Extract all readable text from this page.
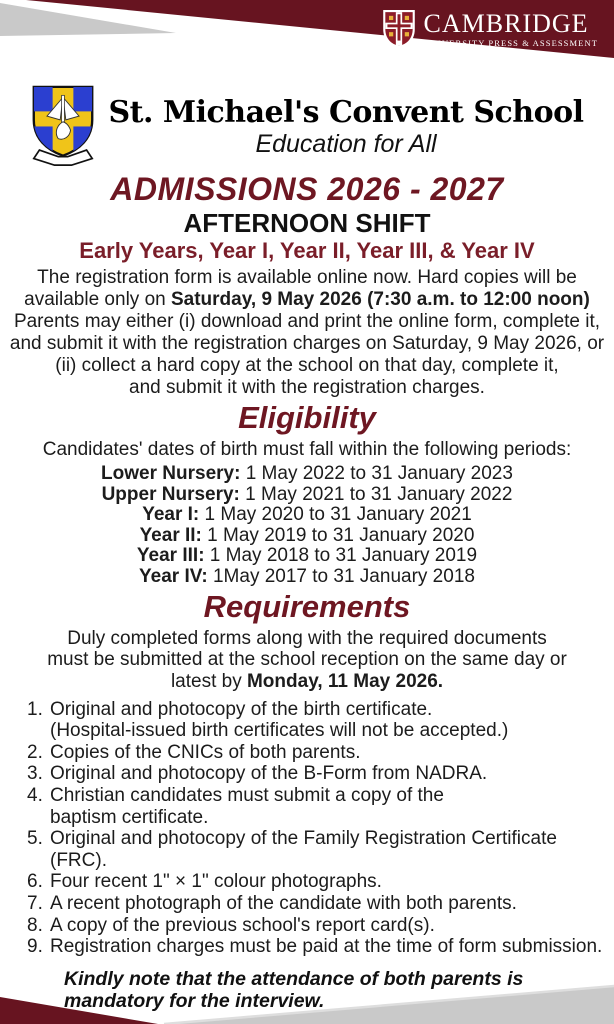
CAMBRIDGE
UNIVERSITY PRESS & ASSESSMENT
St. Michael's Convent School
Education for All
ADMISSIONS 2026 - 2027
AFTERNOON SHIFT
Early Years, Year I, Year II, Year III, & Year IV
The registration form is available online now. Hard copies will be
available only on Saturday, 9 May 2026 (7:30 a.m. to 12:00 noon)
Parents may either (i) download and print the online form, complete it,
and submit it with the registration charges on Saturday, 9 May 2026, or
(ii) collect a hard copy at the school on that day, complete it,
and submit it with the registration charges.
Eligibility
Candidates' dates of birth must fall within the following periods:
Lower Nursery: 1 May 2022 to 31 January 2023
Upper Nursery: 1 May 2021 to 31 January 2022
Year I: 1 May 2020 to 31 January 2021
Year II: 1 May 2019 to 31 January 2020
Year III: 1 May 2018 to 31 January 2019
Year IV: 1May 2017 to 31 January 2018
Requirements
Duly completed forms along with the required documents
must be submitted at the school reception on the same day or
latest by Monday, 11 May 2026.
1. Original and photocopy of the birth certificate.
(Hospital-issued birth certificates will not be accepted.)
2. Copies of the CNICs of both parents.
3. Original and photocopy of the B-Form from NADRA.
4. Christian candidates must submit a copy of the
baptism certificate.
5. Original and photocopy of the Family Registration Certificate
(FRC).
6. Four recent 1" × 1" colour photographs.
7. A recent photograph of the candidate with both parents.
8. A copy of the previous school's report card(s).
9. Registration charges must be paid at the time of form submission.
Kindly note that the attendance of both parents is
mandatory for the interview.
